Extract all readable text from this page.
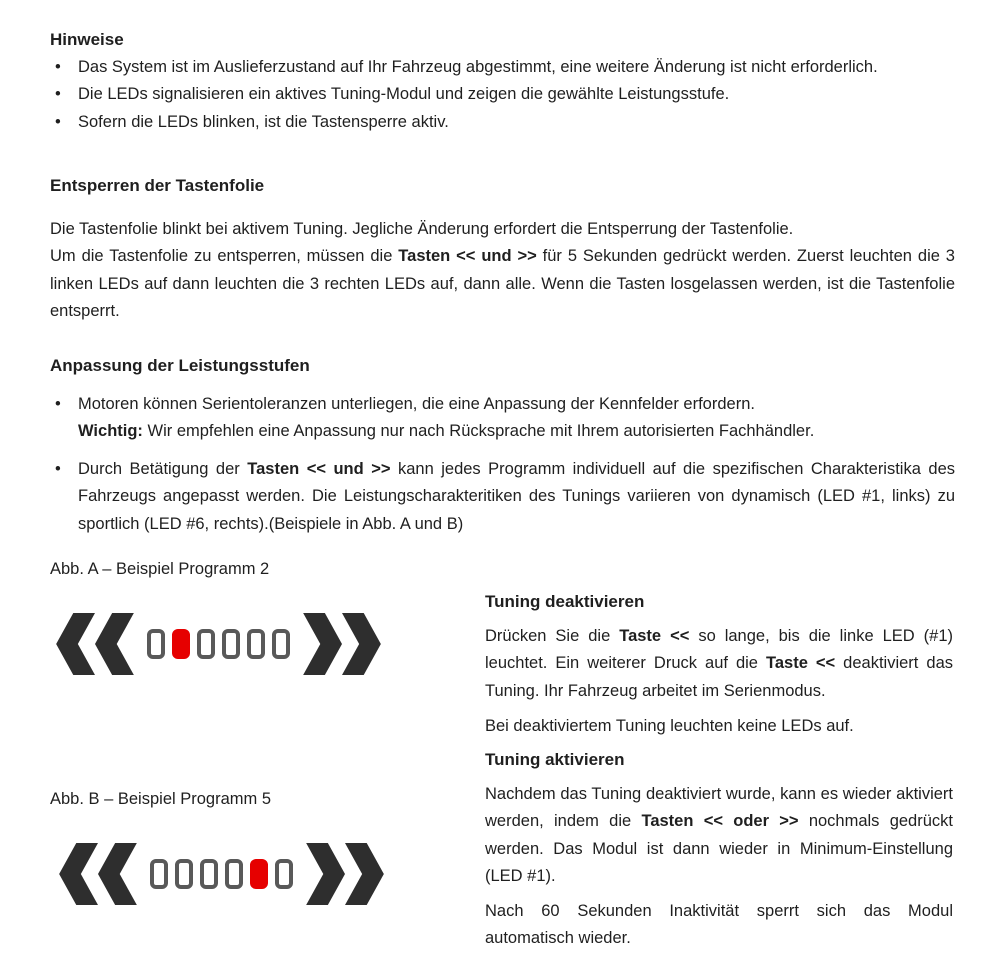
Hinweise
•	Das System ist im Auslieferzustand auf Ihr Fahrzeug abgestimmt, eine weitere Änderung ist nicht erforderlich.
•	Die LEDs signalisieren ein aktives Tuning-Modul und zeigen die gewählte Leistungsstufe.
•	Sofern die LEDs blinken, ist die Tastensperre aktiv.
Entsperren der Tastenfolie
Die Tastenfolie blinkt bei aktivem Tuning. Jegliche Änderung erfordert die Entsperrung der Tastenfolie.
Um die Tastenfolie zu entsperren, müssen die Tasten << und >> für 5 Sekunden gedrückt werden. Zuerst leuchten die 3 linken LEDs auf dann leuchten die 3 rechten LEDs auf, dann alle. Wenn die Tasten losgelassen werden, ist die Tastenfolie entsperrt.
Anpassung der Leistungsstufen
•	Motoren können Serientoleranzen unterliegen, die eine Anpassung der Kennfelder erfordern.
Wichtig: Wir empfehlen eine Anpassung nur nach Rücksprache mit Ihrem autorisierten Fachhändler.
•	Durch Betätigung der Tasten << und >> kann jedes Programm individuell auf die spezifischen Charakteristika des Fahrzeugs angepasst werden. Die Leistungscharakteritiken des Tunings variieren von dynamisch (LED #1, links) zu sportlich (LED #6, rechts).(Beispiele in Abb. A und B)
Abb. A – Beispiel Programm 2
Tuning deaktivieren
Drücken Sie die Taste << so lange, bis die linke LED (#1) leuchtet. Ein weiterer Druck auf die Taste << deaktiviert das Tuning. Ihr Fahrzeug arbeitet im Serienmodus.
Bei deaktiviertem Tuning leuchten keine LEDs auf.
Tuning aktivieren
Nachdem das Tuning deaktiviert wurde, kann es wieder aktiviert werden, indem die Tasten << oder >> nochmals gedrückt werden. Das Modul ist dann wieder in Minimum-Einstellung (LED #1).
Nach 60 Sekunden Inaktivität sperrt sich das Modul automatisch wieder.
Abb. B – Beispiel Programm 5
